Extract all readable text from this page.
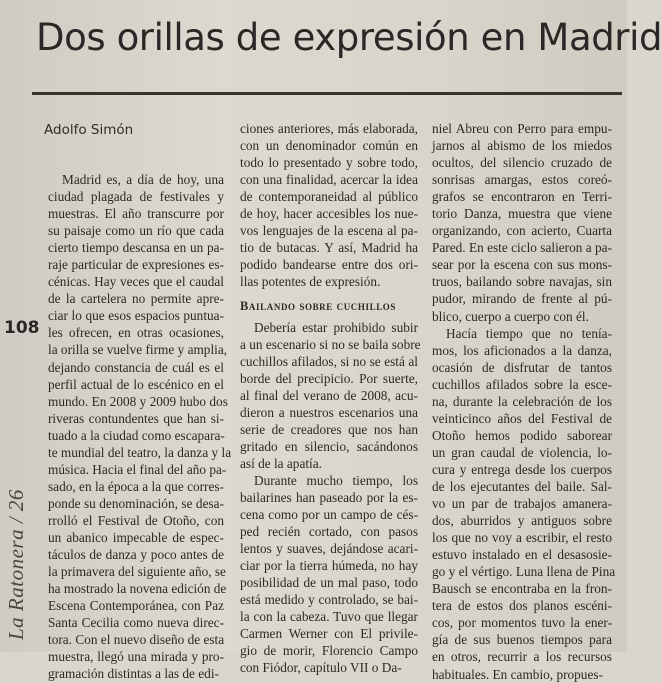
Dos orillas de expresión en Madrid
Adolfo Simón
108
La Ratonera / 26
Madrid es, a día de hoy, una
ciudad plagada de festivales y
muestras. El año transcurre por
su paisaje como un río que cada
cierto tiempo descansa en un pa-
raje particular de expresiones es-
cénicas. Hay veces que el caudal
de la cartelera no permite apre-
ciar lo que esos espacios puntua-
les ofrecen, en otras ocasiones,
la orilla se vuelve firme y amplia,
dejando constancia de cuál es el
perfil actual de lo escénico en el
mundo. En 2008 y 2009 hubo dos
riveras contundentes que han si-
tuado a la ciudad como escapara-
te mundial del teatro, la danza y la
música. Hacia el final del año pa-
sado, en la época a la que corres-
ponde su denominación, se desa-
rrolló el Festival de Otoño, con
un abanico impecable de espec-
táculos de danza y poco antes de
la primavera del siguiente año, se
ha mostrado la novena edición de
Escena Contemporánea, con Paz
Santa Cecilia como nueva direc-
tora. Con el nuevo diseño de esta
muestra, llegó una mirada y pro-
gramación distintas a las de edi-
ciones anteriores, más elaborada,
con un denominador común en
todo lo presentado y sobre todo,
con una finalidad, acercar la idea
de contemporaneidad al público
de hoy, hacer accesibles los nue-
vos lenguajes de la escena al pa-
tio de butacas. Y así, Madrid ha
podido bandearse entre dos ori-
llas potentes de expresión.
Bailando sobre cuchillos
Debería estar prohibido subir
a un escenario si no se baila sobre
cuchillos afilados, si no se está al
borde del precipicio. Por suerte,
al final del verano de 2008, acu-
dieron a nuestros escenarios una
serie de creadores que nos han
gritado en silencio, sacándonos
así de la apatía.
Durante mucho tiempo, los
bailarines han paseado por la es-
cena como por un campo de cés-
ped recién cortado, con pasos
lentos y suaves, dejándose acari-
ciar por la tierra húmeda, no hay
posibilidad de un mal paso, todo
está medido y controlado, se bai-
la con la cabeza. Tuvo que llegar
Carmen Werner con El privile-
gio de morir, Florencio Campo
con Fiódor, capítulo VII o Da-
niel Abreu con Perro para empu-
jarnos al abismo de los miedos
ocultos, del silencio cruzado de
sonrisas amargas, estos coreó-
grafos se encontraron en Terri-
torio Danza, muestra que viene
organizando, con acierto, Cuarta
Pared. En este ciclo salieron a pa-
sear por la escena con sus mons-
truos, bailando sobre navajas, sin
pudor, mirando de frente al pú-
blico, cuerpo a cuerpo con él.
Hacía tiempo que no tenía-
mos, los aficionados a la danza,
ocasión de disfrutar de tantos
cuchillos afilados sobre la esce-
na, durante la celebración de los
veinticinco años del Festival de
Otoño hemos podido saborear
un gran caudal de violencia, lo-
cura y entrega desde los cuerpos
de los ejecutantes del baile. Sal-
vo un par de trabajos amanera-
dos, aburridos y antiguos sobre
los que no voy a escribir, el resto
estuvo instalado en el desasosie-
go y el vértigo. Luna llena de Pina
Bausch se encontraba en la fron-
tera de estos dos planos escéni-
cos, por momentos tuvo la ener-
gía de sus buenos tiempos para
en otros, recurrir a los recursos
habituales. En cambio, propues-
